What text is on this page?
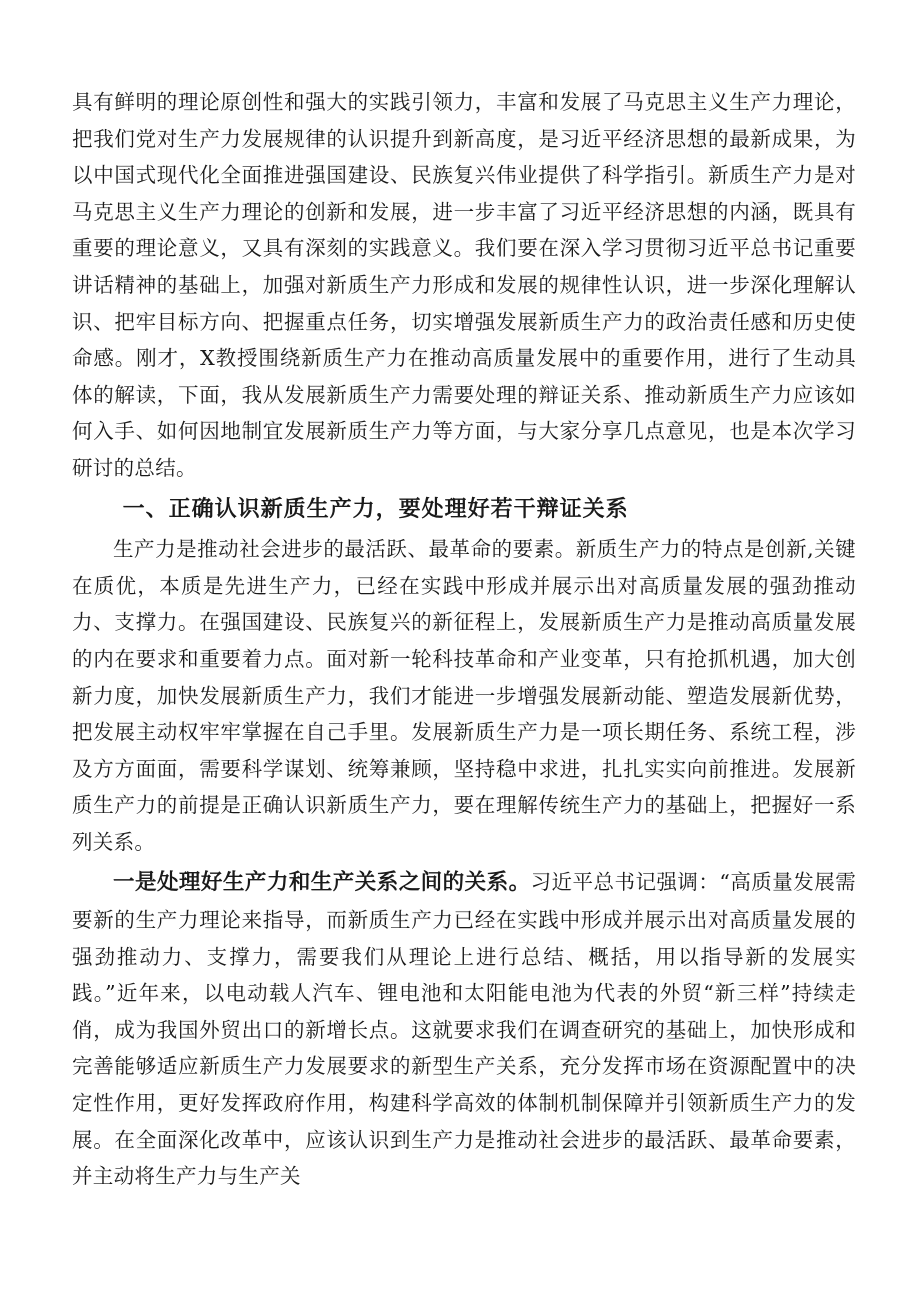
具有鲜明的理论原创性和强大的实践引领力，丰富和发展了马克思主义生产力理论，把我们党对生产力发展规律的认识提升到新高度，是习近平经济思想的最新成果，为以中国式现代化全面推进强国建设、民族复兴伟业提供了科学指引。新质生产力是对马克思主义生产力理论的创新和发展，进一步丰富了习近平经济思想的内涵，既具有重要的理论意义，又具有深刻的实践意义。我们要在深入学习贯彻习近平总书记重要讲话精神的基础上，加强对新质生产力形成和发展的规律性认识，进一步深化理解认识、把牢目标方向、把握重点任务，切实增强发展新质生产力的政治责任感和历史使命感。刚才，X教授围绕新质生产力在推动高质量发展中的重要作用，进行了生动具体的解读，下面，我从发展新质生产力需要处理的辩证关系、推动新质生产力应该如何入手、如何因地制宜发展新质生产力等方面，与大家分享几点意见，也是本次学习研讨的总结。

一、正确认识新质生产力，要处理好若干辩证关系

生产力是推动社会进步的最活跃、最革命的要素。新质生产力的特点是创新,关键在质优，本质是先进生产力，已经在实践中形成并展示出对高质量发展的强劲推动力、支撑力。在强国建设、民族复兴的新征程上，发展新质生产力是推动高质量发展的内在要求和重要着力点。面对新一轮科技革命和产业变革，只有抢抓机遇，加大创新力度，加快发展新质生产力，我们才能进一步增强发展新动能、塑造发展新优势，把发展主动权牢牢掌握在自己手里。发展新质生产力是一项长期任务、系统工程，涉及方方面面，需要科学谋划、统筹兼顾，坚持稳中求进，扎扎实实向前推进。发展新质生产力的前提是正确认识新质生产力，要在理解传统生产力的基础上，把握好一系列关系。

一是处理好生产力和生产关系之间的关系。习近平总书记强调：“高质量发展需要新的生产力理论来指导，而新质生产力已经在实践中形成并展示出对高质量发展的强劲推动力、支撑力，需要我们从理论上进行总结、概括，用以指导新的发展实践。”近年来，以电动载人汽车、锂电池和太阳能电池为代表的外贸“新三样”持续走俏，成为我国外贸出口的新增长点。这就要求我们在调查研究的基础上，加快形成和完善能够适应新质生产力发展要求的新型生产关系，充分发挥市场在资源配置中的决定性作用，更好发挥政府作用，构建科学高效的体制机制保障并引领新质生产力的发展。在全面深化改革中，应该认识到生产力是推动社会进步的最活跃、最革命要素，并主动将生产力与生产关
